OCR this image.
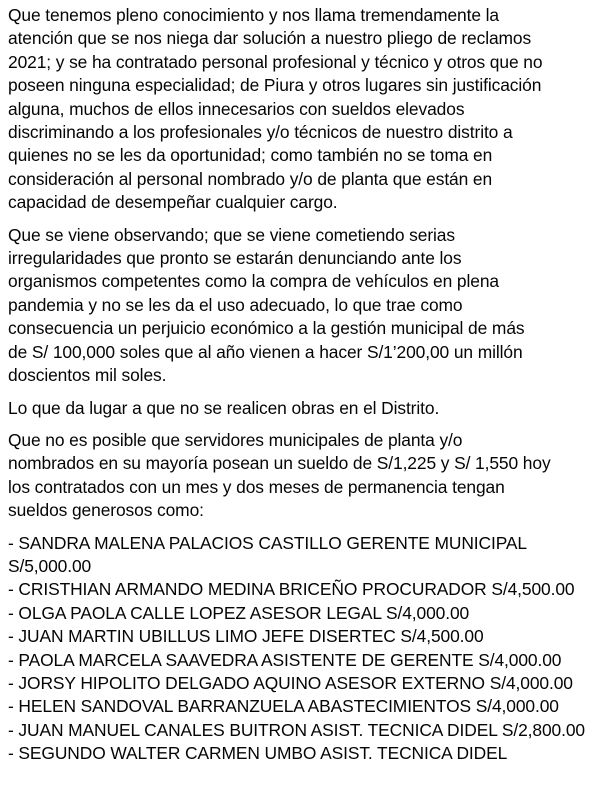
Que tenemos pleno conocimiento y nos llama tremendamente la
atención que se nos niega dar solución a nuestro pliego de reclamos
2021; y se ha contratado personal profesional y técnico y otros que no
poseen ninguna especialidad; de Piura y otros lugares sin justificación
alguna, muchos de ellos innecesarios con sueldos elevados
discriminando a los profesionales y/o técnicos de nuestro distrito a
quienes no se les da oportunidad; como también no se toma en
consideración al personal nombrado y/o de planta que están en
capacidad de desempeñar cualquier cargo.

Que se viene observando; que se viene cometiendo serias
irregularidades que pronto se estarán denunciando ante los
organismos competentes como la compra de vehículos en plena
pandemia y no se les da el uso adecuado, lo que trae como
consecuencia un perjuicio económico a la gestión municipal de más
de S/ 100,000 soles que al año vienen a hacer S/1’200,00 un millón
doscientos mil soles.

Lo que da lugar a que no se realicen obras en el Distrito.

Que no es posible que servidores municipales de planta y/o
nombrados en su mayoría posean un sueldo de S/1,225 y S/ 1,550 hoy
los contratados con un mes y dos meses de permanencia tengan
sueldos generosos como:

- SANDRA MALENA PALACIOS CASTILLO GERENTE MUNICIPAL
S/5,000.00
- CRISTHIAN ARMANDO MEDINA BRICEÑO PROCURADOR S/4,500.00
- OLGA PAOLA CALLE LOPEZ ASESOR LEGAL S/4,000.00
- JUAN MARTIN UBILLUS LIMO JEFE DISERTEC S/4,500.00
- PAOLA MARCELA SAAVEDRA ASISTENTE DE GERENTE S/4,000.00
- JORSY HIPOLITO DELGADO AQUINO ASESOR EXTERNO S/4,000.00
- HELEN SANDOVAL BARRANZUELA ABASTECIMIENTOS S/4,000.00
- JUAN MANUEL CANALES BUITRON ASIST. TECNICA DIDEL S/2,800.00
- SEGUNDO WALTER CARMEN UMBO ASIST. TECNICA DIDEL
